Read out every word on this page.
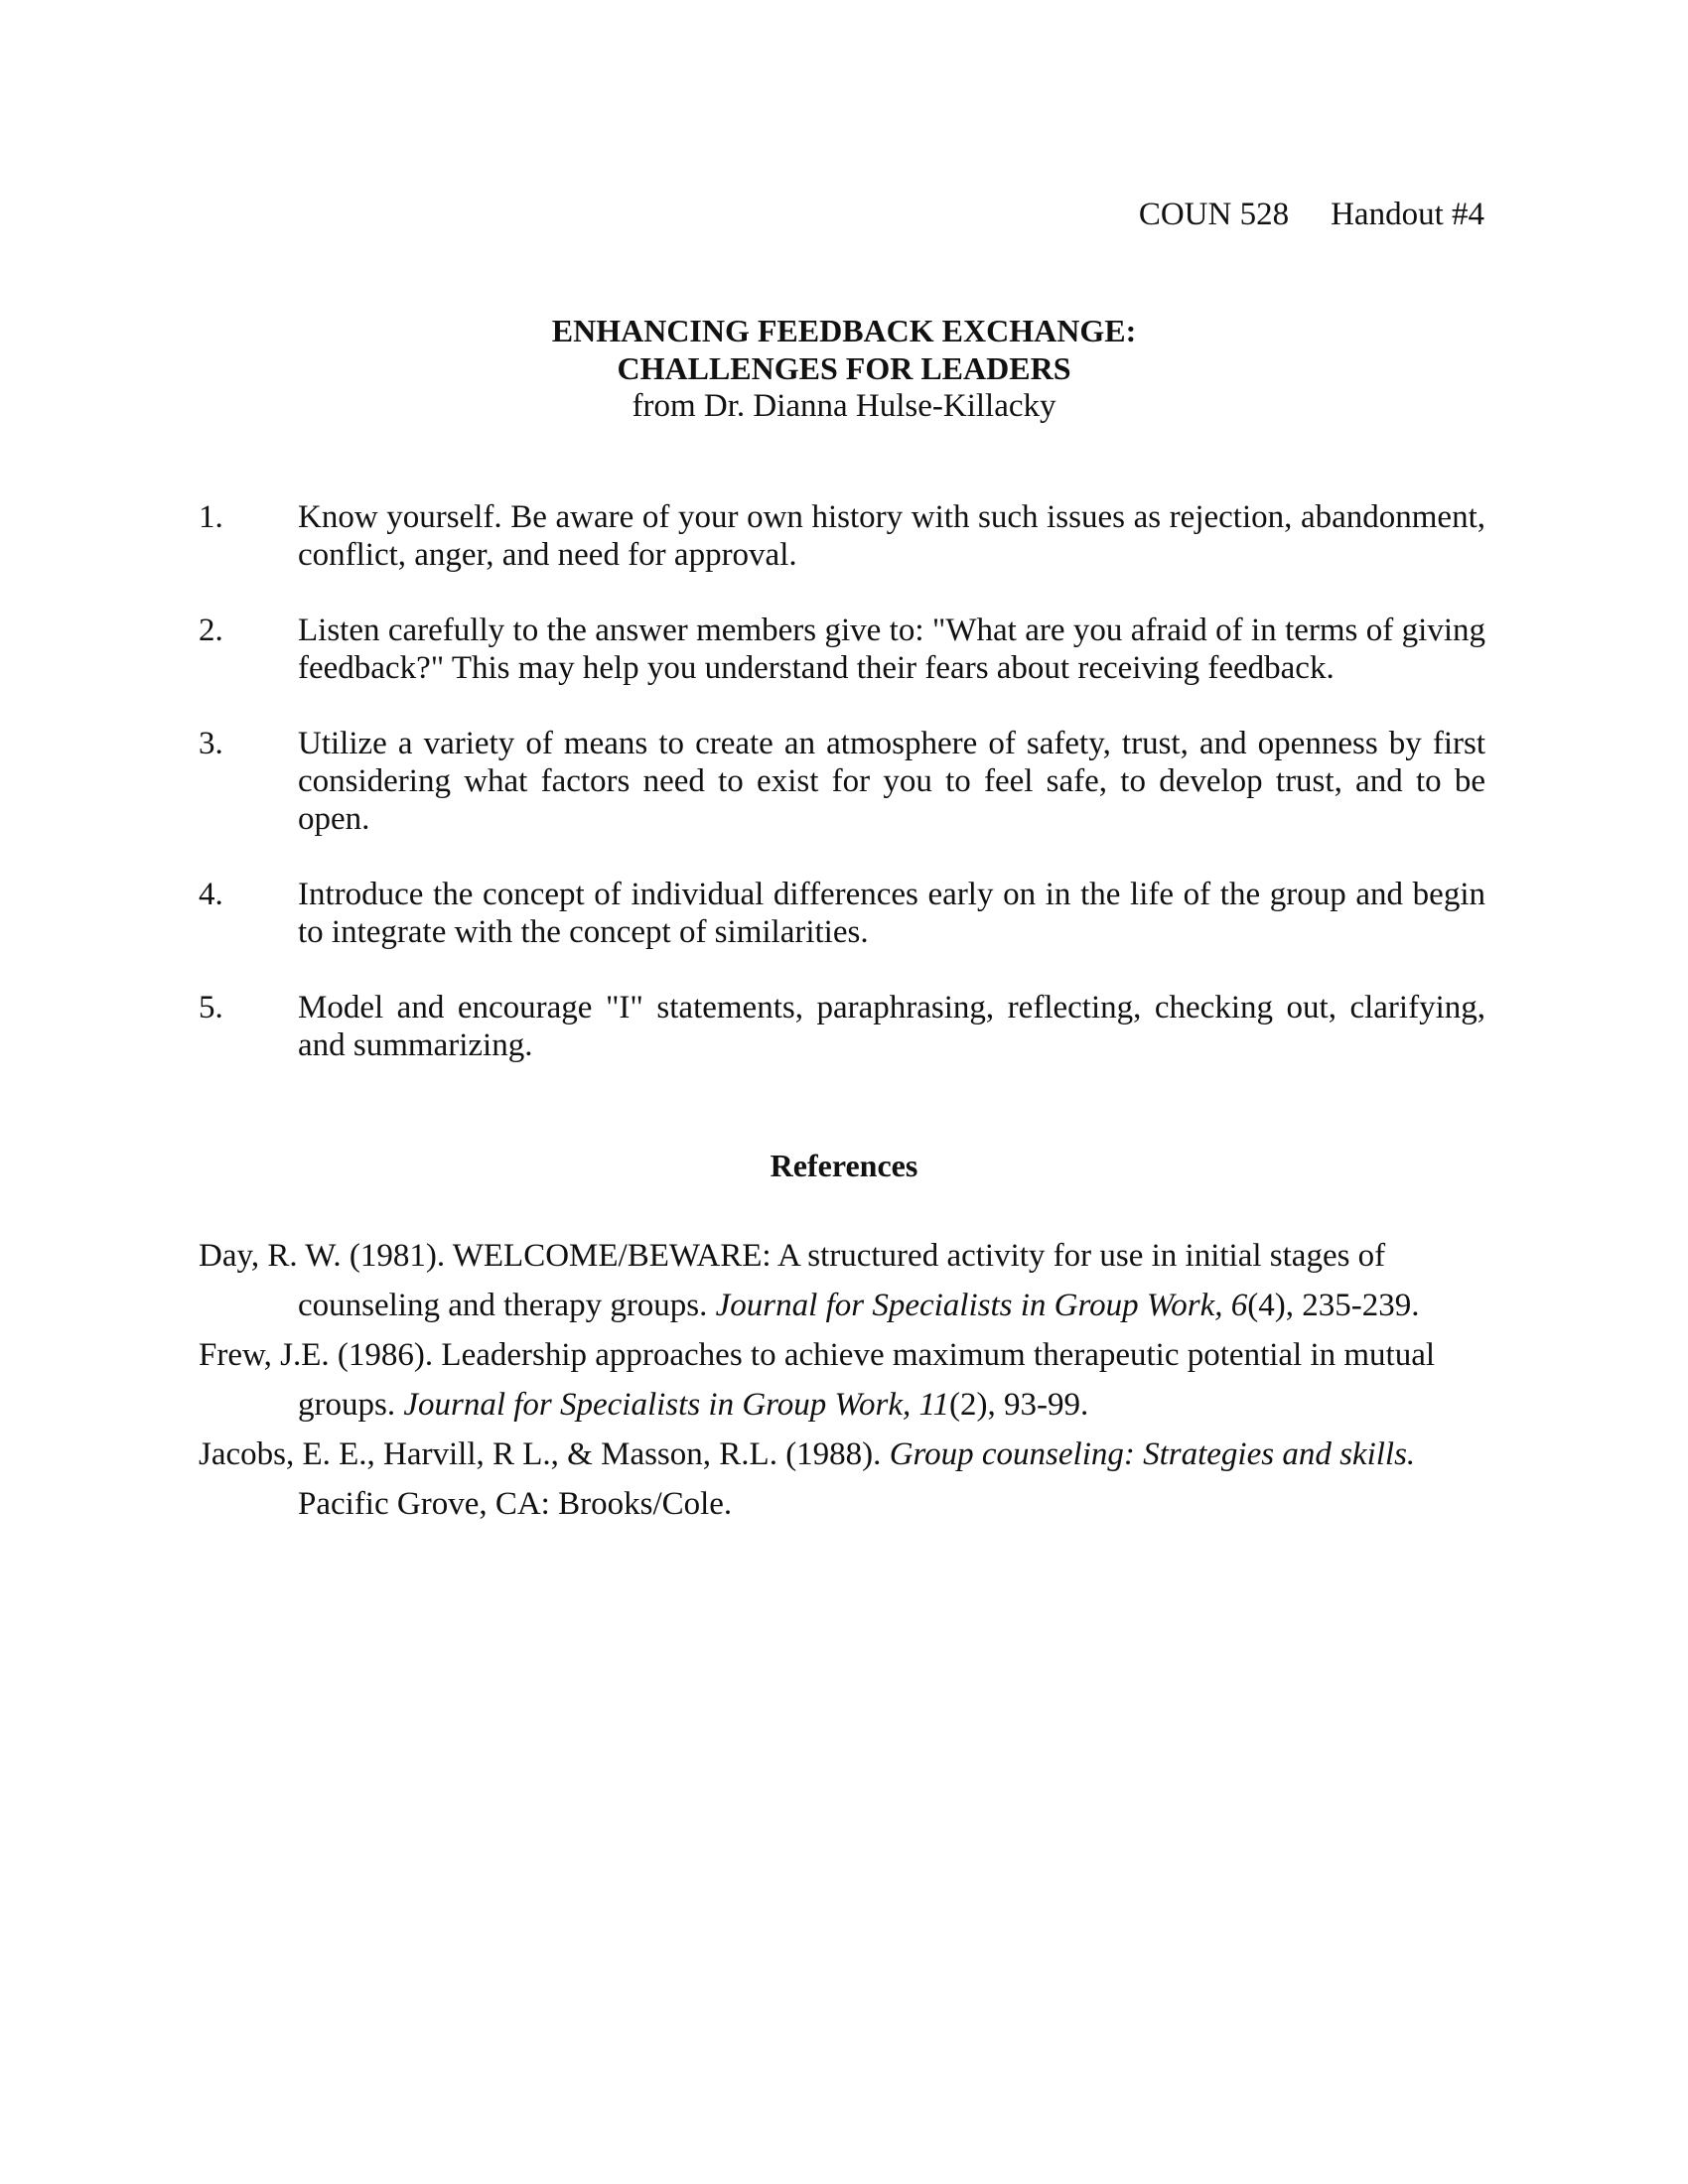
COUN 528 Handout #4
ENHANCING FEEDBACK EXCHANGE:
CHALLENGES FOR LEADERS
from Dr. Dianna Hulse-Killacky
1. Know yourself. Be aware of your own history with such issues as rejection, abandonment, conflict, anger, and need for approval.
2. Listen carefully to the answer members give to: "What are you afraid of in terms of giving feedback?" This may help you understand their fears about receiving feedback.
3. Utilize a variety of means to create an atmosphere of safety, trust, and openness by first considering what factors need to exist for you to feel safe, to develop trust, and to be open.
4. Introduce the concept of individual differences early on in the life of the group and begin to integrate with the concept of similarities.
5. Model and encourage "I" statements, paraphrasing, reflecting, checking out, clarifying, and summarizing.
References
Day, R. W. (1981). WELCOME/BEWARE: A structured activity for use in initial stages of counseling and therapy groups. Journal for Specialists in Group Work, 6(4), 235-239.
Frew, J.E. (1986). Leadership approaches to achieve maximum therapeutic potential in mutual groups. Journal for Specialists in Group Work, 11(2), 93-99.
Jacobs, E. E., Harvill, R L., & Masson, R.L. (1988). Group counseling: Strategies and skills. Pacific Grove, CA: Brooks/Cole.
